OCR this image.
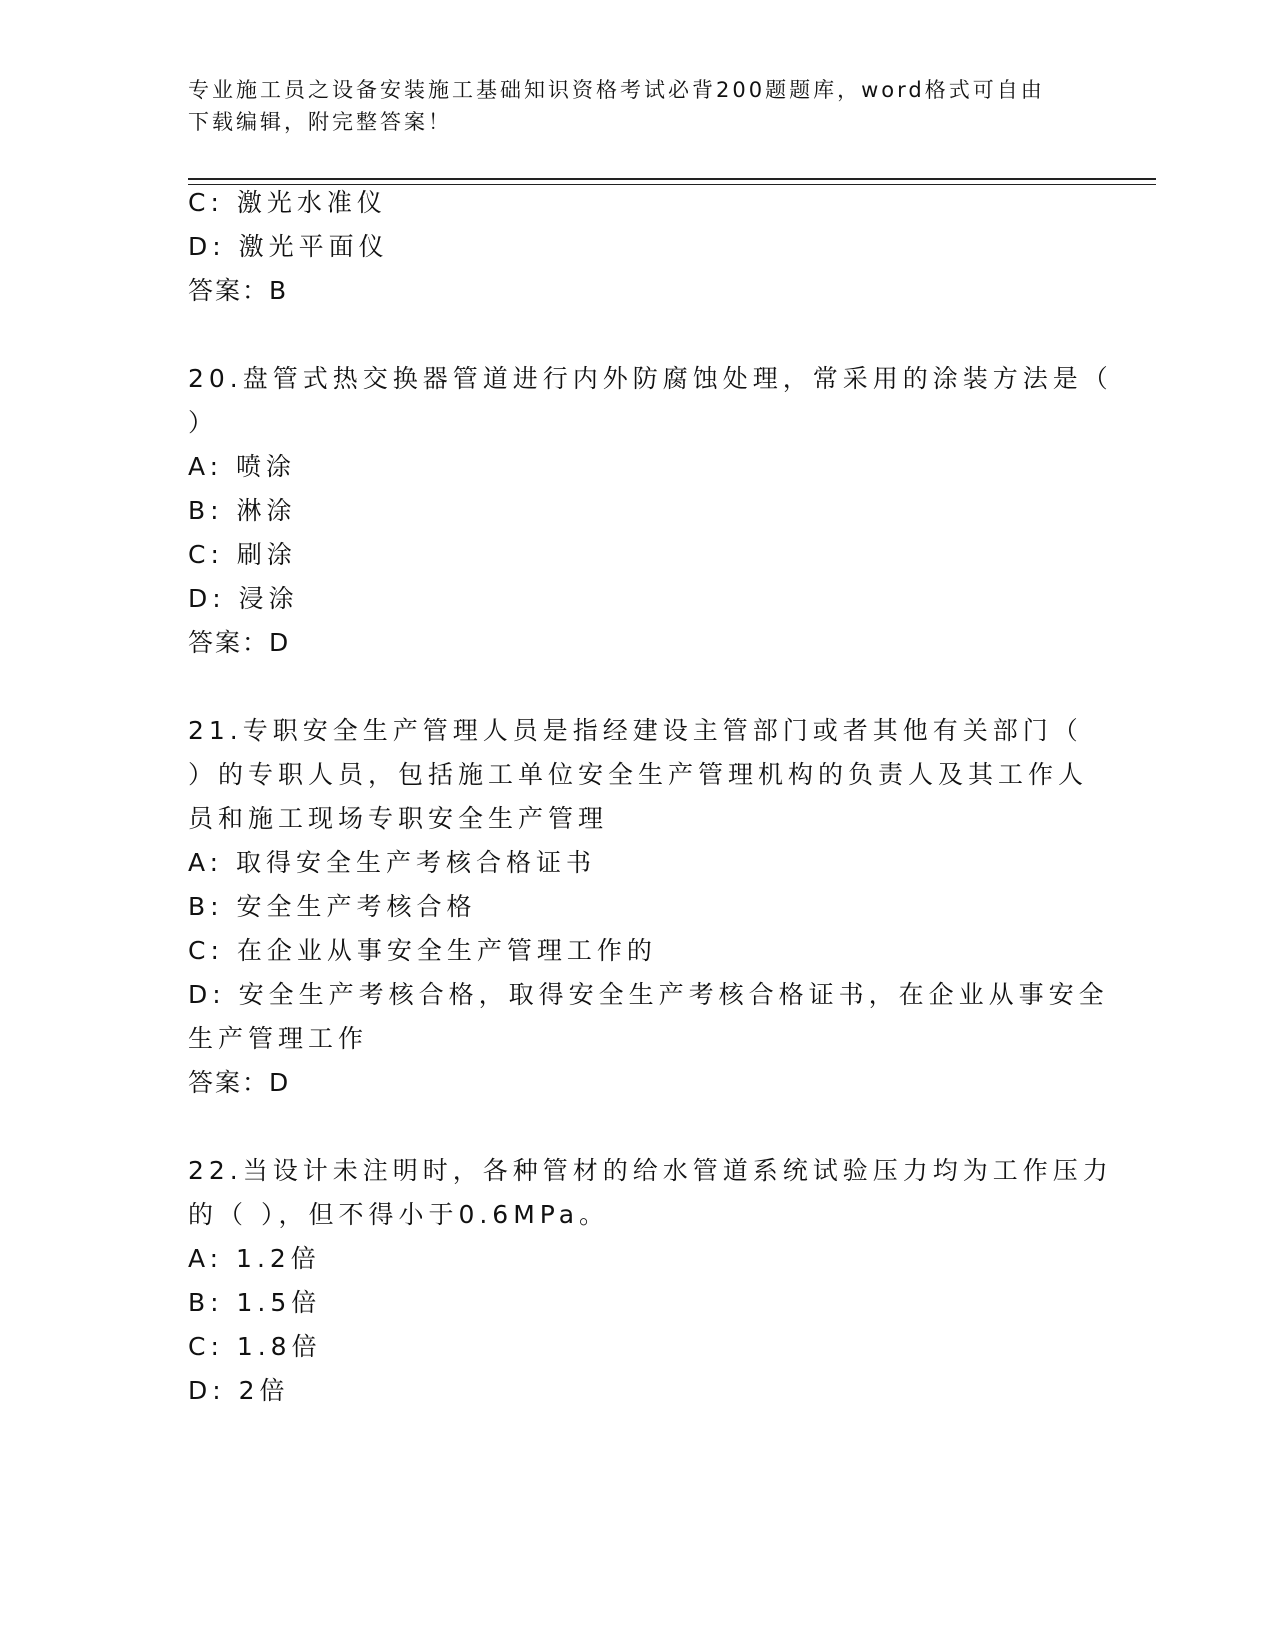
专业施工员之设备安装施工基础知识资格考试必背200题题库，word格式可自由
下载编辑，附完整答案！
C: 激光水准仪
D: 激光平面仪
答案：B
20.盘管式热交换器管道进行内外防腐蚀处理，常采用的涂装方法是（
）
A: 喷涂
B: 淋涂
C: 刷涂
D: 浸涂
答案：D
21.专职安全生产管理人员是指经建设主管部门或者其他有关部门（
）的专职人员，包括施工单位安全生产管理机构的负责人及其工作人
员和施工现场专职安全生产管理
A: 取得安全生产考核合格证书
B: 安全生产考核合格
C: 在企业从事安全生产管理工作的
D: 安全生产考核合格，取得安全生产考核合格证书，在企业从事安全
生产管理工作
答案：D
22.当设计未注明时，各种管材的给水管道系统试验压力均为工作压力
的（ ），但不得小于0.6MPa。
A: 1.2倍
B: 1.5倍
C: 1.8倍
D: 2倍
